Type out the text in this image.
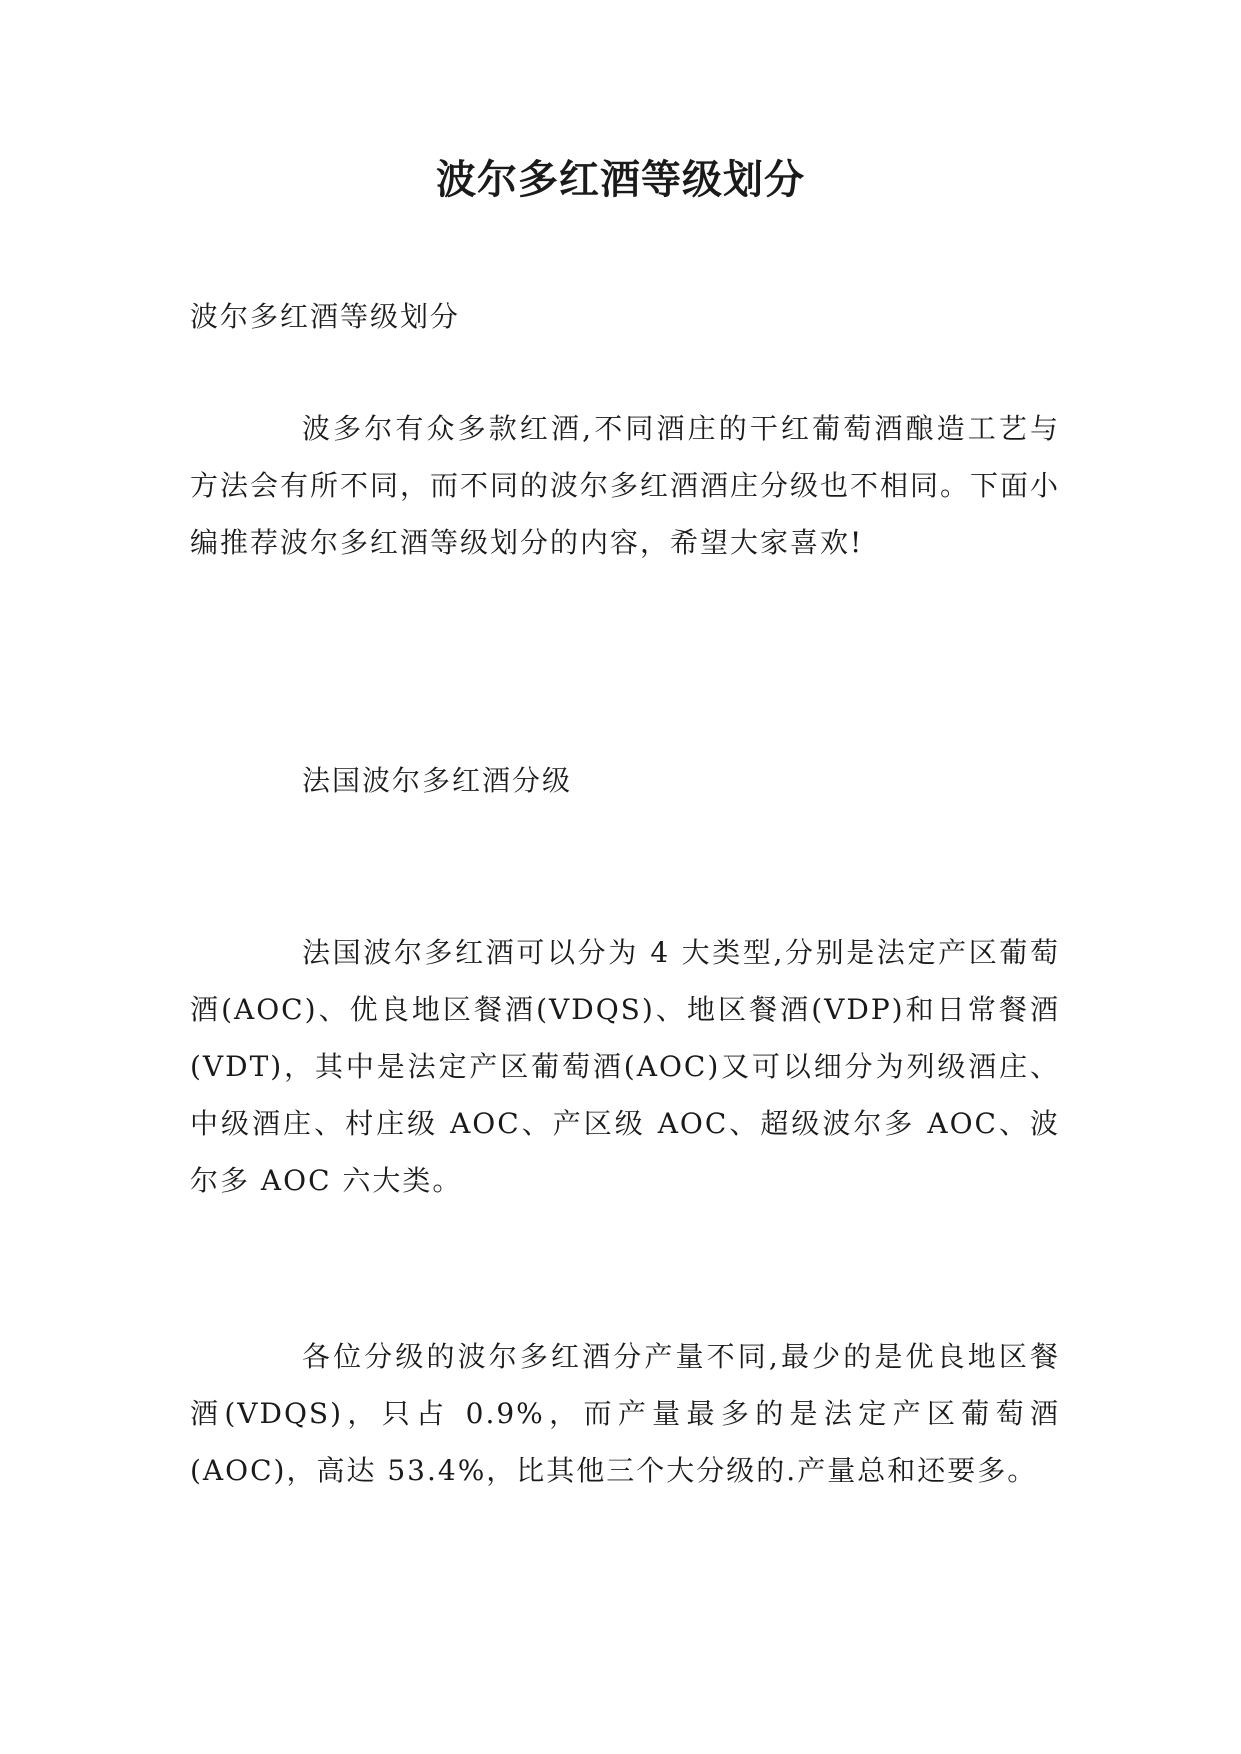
波尔多红酒等级划分

波尔多红酒等级划分

波多尔有众多款红酒,不同酒庄的干红葡萄酒酿造工艺与方法会有所不同，而不同的波尔多红酒酒庄分级也不相同。下面小编推荐波尔多红酒等级划分的内容，希望大家喜欢!

法国波尔多红酒分级

法国波尔多红酒可以分为 4 大类型,分别是法定产区葡萄酒(AOC)、优良地区餐酒(VDQS)、地区餐酒(VDP)和日常餐酒(VDT)，其中是法定产区葡萄酒(AOC)又可以细分为列级酒庄、中级酒庄、村庄级 AOC、产区级 AOC、超级波尔多 AOC、波尔多 AOC 六大类。

各位分级的波尔多红酒分产量不同,最少的是优良地区餐酒(VDQS)，只占 0.9%，而产量最多的是法定产区葡萄酒(AOC)，高达 53.4%，比其他三个大分级的.产量总和还要多。
